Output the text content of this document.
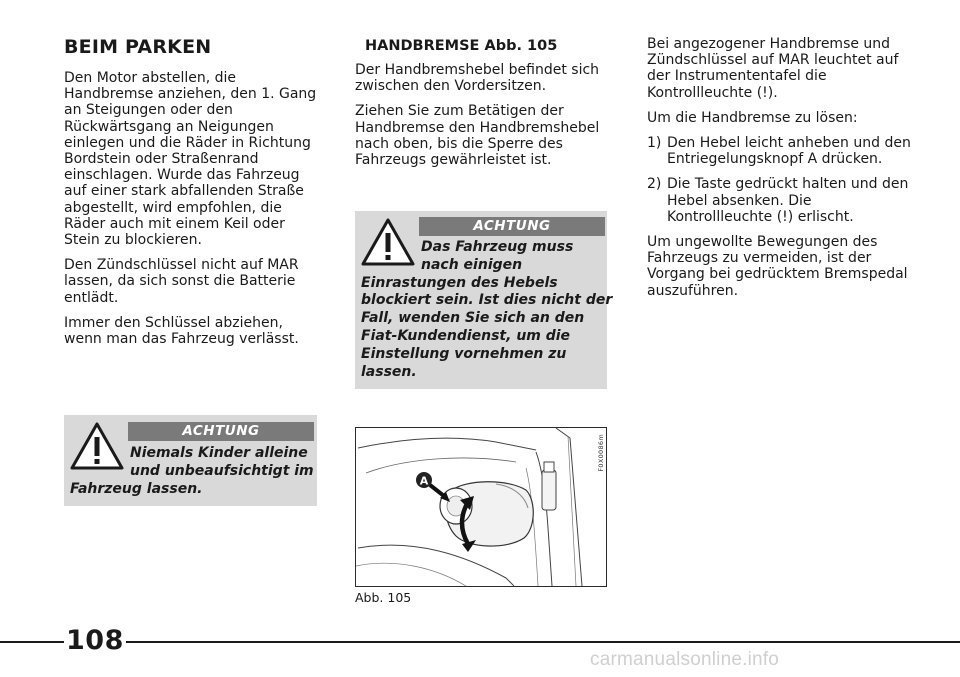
BEIM PARKEN

Den Motor abstellen, die Handbremse anziehen, den 1. Gang an Steigungen oder den Rückwärtsgang an Neigungen einlegen und die Räder in Richtung Bordstein oder Straßenrand einschlagen. Wurde das Fahrzeug auf einer stark abfallenden Straße abgestellt, wird empfohlen, die Räder auch mit einem Keil oder Stein zu blockieren.

Den Zündschlüssel nicht auf MAR lassen, da sich sonst die Batterie entlädt.

Immer den Schlüssel abziehen, wenn man das Fahrzeug verlässt.

ACHTUNG
Niemals Kinder alleine
und unbeaufsichtigt im
Fahrzeug lassen.
HANDBREMSE Abb. 105

Der Handbremshebel befindet sich zwischen den Vordersitzen.

Ziehen Sie zum Betätigen der Handbremse den Handbremshebel nach oben, bis die Sperre des Fahrzeugs gewährleistet ist.

ACHTUNG
Das Fahrzeug muss
nach einigen
Einrastungen des Hebels
blockiert sein. Ist dies nicht der
Fall, wenden Sie sich an den
Fiat-Kundendienst, um die
Einstellung vornehmen zu
lassen.
A
F0X0086m
Abb. 105

Bei angezogener Handbremse und Zündschlüssel auf MAR leuchtet auf der Instrumententafel die Kontrollleuchte (!).

Um die Handbremse zu lösen:

1) Den Hebel leicht anheben und den Entriegelungsknopf A drücken.
2) Die Taste gedrückt halten und den Hebel absenken. Die Kontrollleuchte (!) erlischt.

Um ungewollte Bewegungen des Fahrzeugs zu vermeiden, ist der Vorgang bei gedrücktem Bremspedal auszuführen.

108
carmanualsonline.info
